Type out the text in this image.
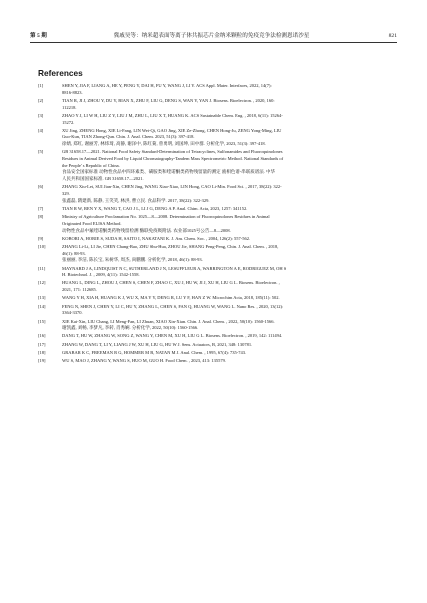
第 5 期	冀戚昊等：纳米超表面等离子体共振芯片金纳米颗粒的免疫竞争法检测恩诺沙星	821
References
[1]	SHEN Y, JIA F, LIANG A, HE Y, PENG Y, DAI H, FU Y, WANG J, LI Y. ACS Appl. Mater. Interfaces, 2022, 14(7):
8816-8823.
[2]	TIAN R, JI J, ZHOU Y, DU Y, BIAN X, ZHU F, LIU G, DENG S, WAN Y, YAN J. Biosens. Bioelectron. , 2020, 160:
112218.
[3]	ZHAO Y J, LI W H, LIU Z Y, LIU J M, ZHU L, LIU X T, HUANG K. ACS Sustainable Chem. Eng. , 2018, 6(11): 15264-
15272.
[4]	XU Jing, ZHENG Hong, XIE Li-Fang, LIN Wei-Qi, GAO Jing, XIE Ze-Zhong, CHEN Hong-Ju, ZENG Yong-Ming, LIU
Guo-Kun, TIAN Zhong-Qun. Chin. J. Anal. Chem. 2023, 51(3): 397-418.
徐婧, 郑红, 谢丽芳, 林炜琦, 高静, 谢泽中, 陈红菊, 曾勇明, 刘国坤, 田中群. 分析化学, 2023, 51(3): 397-418.
[5]	GB 31658.17—2021. National Food Safety Standard-Determination of Tetracyclines, Sulfonamides and Fluoroquinolones
Residues in Animal Derived Food by Liquid Chromatography-Tandem Mass Spectrometric Method. National Standards of
the People' s Republic of China.
食品安全国家标准 动物性食品中四环素类、磺胺类和喹诺酮类药物残留量的测定 液相色谱-串联质谱法. 中华
人民共和国国家标准. GB 31658.17—2021.
[6]	ZHANG Xiu-Lei, SUI Jian-Xin, CHEN Jing, WANG Xiao-Xiao, LIN Hong, CAO Li-Min. Food Sci. , 2017, 38(22): 322-
329.
张鑫磊, 隋建新, 陈静, 王笑笑, 林洪, 曹立民. 食品科学. 2017, 38(22): 322-329.
[7]	TIAN R W, REN Y X, WANG T, CAO J L, LI J G, DENG A P. Anal. Chim. Acta, 2023, 1257: 341152.
[8]	Ministry of Agriculture Proclamation No. 1025—8—2008. Determination of Fluoroquinolones Residues in Animal
Originated Food ELISA Method.
动物性食品中氟喹诺酮类药物残留检测 酶联免疫吸附法. 农业部1025号公告—8—2008.
[9]	KOBORI A, HORIE S, SUDA H, SAITO I, NAKATANI K. J. Am. Chem. Soc. , 2004, 126(2): 557-562.
[10]	ZHANG Li-Li, LI Jie, CHEN Chang-Bao, ZHU Shu-Hua, ZHOU Jie, SHANG Peng-Peng, Chin. J. Anal. Chem. , 2018,
46(1): 88-93.
张丽丽, 李洁, 陈长宝, 朱树华, 周杰, 尚鹏鹏. 分析化学, 2018, 46(1): 88-93.
[11]	MAYNARD J A, LINDQUIST N C, SUTHERLAND J N, LESUFFLEUR A, WARRINGTON A E, RODRIGUEZ M, OH S
H. Biotechnol. J. , 2009, 4(11): 1542-1558.
[12]	HUANG L, DING L, ZHOU J, CHEN S, CHEN F, ZHAO C, XU J, HU W, JI J, XU H, LIU G L. Biosens. Bioelectron. ,
2021, 171: 112685.
[13]	WANG Y H, XIA H, HUANG K J, WU X, MA Y Y, DENG R, LU Y F, HAN Z W. Microchim Acta, 2018, 185(11): 502.
[14]	FENG N, SHEN J, CHEN Y, LI C, HU Y, ZHANG L, CHEN S, FAN Q, HUANG W, WANG L. Nano Res. , 2020, 13(12):
3364-3370.
[15]	XIE Kai-Xin, LIU Chang, LI Meng-Fan, LI Zhuan, XIAO Xin-Xian. Chin. J. Anal. Chem. , 2022, 50(10): 1560-1566.
谢凯鑫, 刘畅, 李梦凡, 李转, 肖秀娴. 分析化学, 2022, 50(10): 1560-1566.
[16]	DANG T, HU W, ZHANG W, SONG Z, WANG Y, CHEN M, XU H, LIU G L. Biosens. Bioelectron. , 2019, 142: 111494.
[17]	ZHANG W, DANG T, LI Y, LIANG J W, XU H, LIU G, HU W J. Sens. Actuators, B, 2021, 348: 130781.
[18]	GRABAR K C, FREEMAN R G, HOMMER M B, NATAN M J. Anal. Chem. , 1995, 67(4): 735-743.
[19]	WU S, MAO J, ZHANG Y, WANG S, HUO M, GUO H. Food Chem. , 2023, 413: 135579.
